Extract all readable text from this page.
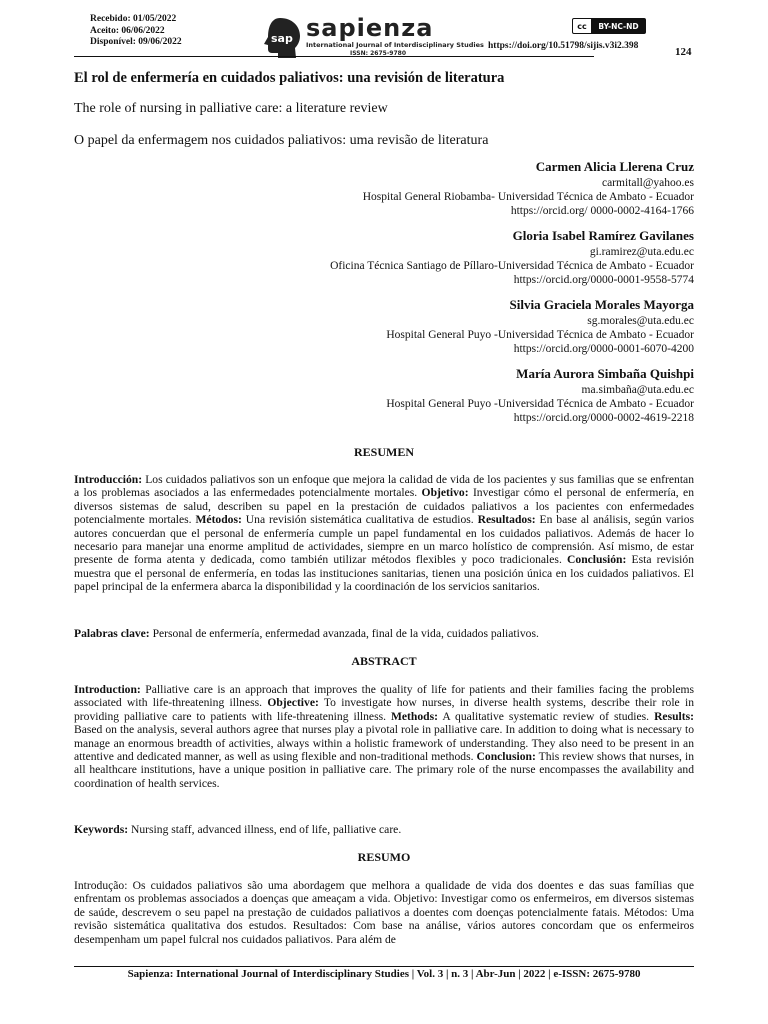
Recebido: 01/05/2022
Aceito: 06/06/2022
Disponível: 09/06/2022	sap sapienza
International Journal of Interdisciplinary Studies
ISSN: 2675-9780
cc	BY-NC-ND
https://doi.org/10.51798/sijis.v3i2.398	124
El rol de enfermería en cuidados paliativos: una revisión de literatura
The role of nursing in palliative care: a literature review
O papel da enfermagem nos cuidados paliativos: uma revisão de literatura
Carmen Alicia Llerena Cruz
carmitall@yahoo.es
Hospital General Riobamba- Universidad Técnica de Ambato - Ecuador
https://orcid.org/ 0000-0002-4164-1766
Gloria Isabel Ramírez Gavilanes
gi.ramirez@uta.edu.ec
Oficina Técnica Santiago de Píllaro-Universidad Técnica de Ambato - Ecuador
https://orcid.org/0000-0001-9558-5774
Silvia Graciela Morales Mayorga
sg.morales@uta.edu.ec
Hospital General Puyo -Universidad Técnica de Ambato - Ecuador
https://orcid.org/0000-0001-6070-4200
María Aurora Simbaña Quishpi
ma.simbaña@uta.edu.ec
Hospital General Puyo -Universidad Técnica de Ambato - Ecuador
https://orcid.org/0000-0002-4619-2218
RESUMEN
Introducción: Los cuidados paliativos son un enfoque que mejora la calidad de vida de los pacientes y sus familias que se enfrentan a los problemas asociados a las enfermedades potencialmente mortales. Objetivo: Investigar cómo el personal de enfermería, en diversos sistemas de salud, describen su papel en la prestación de cuidados paliativos a los pacientes con enfermedades potencialmente mortales. Métodos: Una revisión sistemática cualitativa de estudios. Resultados: En base al análisis, según varios autores concuerdan que el personal de enfermería cumple un papel fundamental en los cuidados paliativos. Además de hacer lo necesario para manejar una enorme amplitud de actividades, siempre en un marco holístico de comprensión. Así mismo, de estar presente de forma atenta y dedicada, como también utilizar métodos flexibles y poco tradicionales. Conclusión: Esta revisión muestra que el personal de enfermería, en todas las instituciones sanitarias, tienen una posición única en los cuidados paliativos. El papel principal de la enfermera abarca la disponibilidad y la coordinación de los servicios sanitarios.
Palabras clave: Personal de enfermería, enfermedad avanzada, final de la vida, cuidados paliativos.
ABSTRACT
Introduction: Palliative care is an approach that improves the quality of life for patients and their families facing the problems associated with life-threatening illness. Objective: To investigate how nurses, in diverse health systems, describe their role in providing palliative care to patients with life-threatening illness. Methods: A qualitative systematic review of studies. Results: Based on the analysis, several authors agree that nurses play a pivotal role in palliative care. In addition to doing what is necessary to manage an enormous breadth of activities, always within a holistic framework of understanding. They also need to be present in an attentive and dedicated manner, as well as using flexible and non-traditional methods. Conclusion: This review shows that nurses, in all healthcare institutions, have a unique position in palliative care. The primary role of the nurse encompasses the availability and coordination of health services.
Keywords: Nursing staff, advanced illness, end of life, palliative care.
RESUMO
Introdução: Os cuidados paliativos são uma abordagem que melhora a qualidade de vida dos doentes e das suas famílias que enfrentam os problemas associados a doenças que ameaçam a vida. Objetivo: Investigar como os enfermeiros, em diversos sistemas de saúde, descrevem o seu papel na prestação de cuidados paliativos a doentes com doenças potencialmente fatais. Métodos: Uma revisão sistemática qualitativa dos estudos. Resultados: Com base na análise, vários autores concordam que os enfermeiros desempenham um papel fulcral nos cuidados paliativos. Para além de
Sapienza: International Journal of Interdisciplinary Studies | Vol. 3 | n. 3 | Abr-Jun | 2022 | e-ISSN: 2675-9780
